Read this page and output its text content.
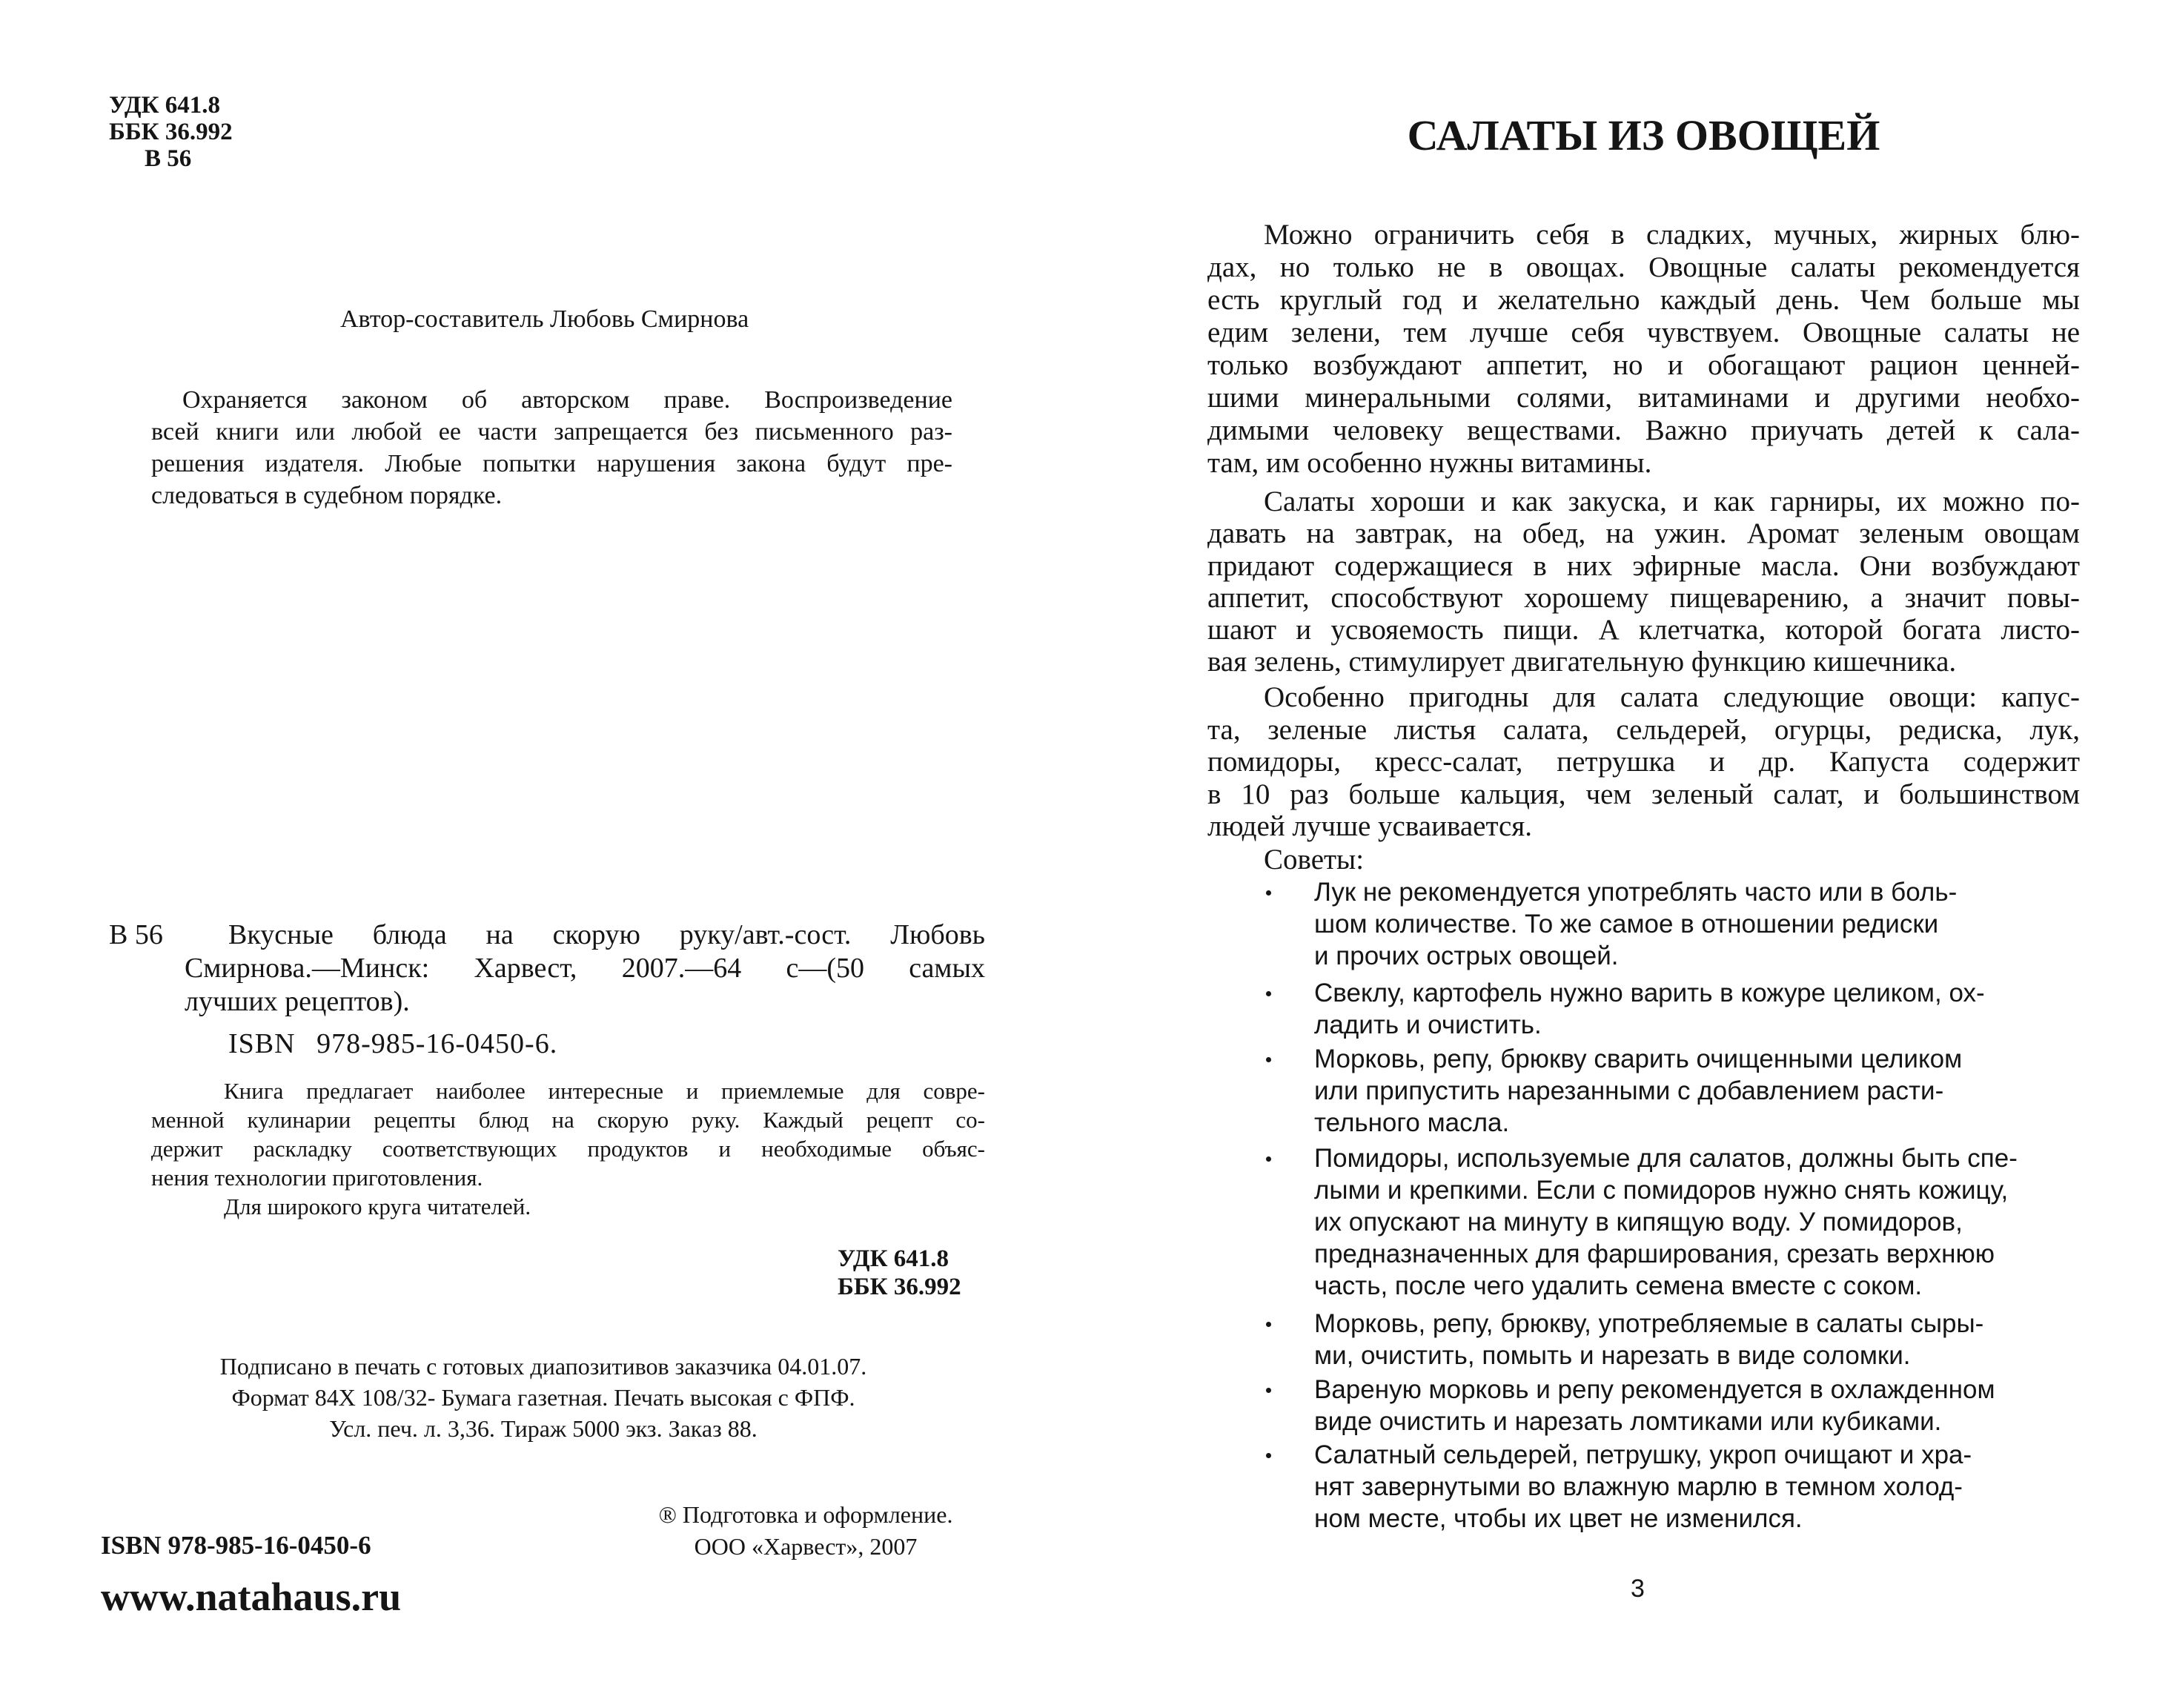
УДК 641.8
ББК 36.992
В 56
Автор-составитель Любовь Смирнова
Охраняется законом об авторском праве. Воспроизведение
всей книги или любой ее части запрещается без письменного раз-
решения издателя. Любые попытки нарушения закона будут пре-
следоваться в судебном порядке.
В 56	Вкусные блюда на скорую руку/авт.-сост. Любовь
Смирнова.—Минск: Харвест, 2007.—64 с—(50 самых
лучших рецептов).
ISBN 978-985-16-0450-6.
Книга предлагает наиболее интересные и приемлемые для совре-
менной кулинарии рецепты блюд на скорую руку. Каждый рецепт со-
держит раскладку соответствующих продуктов и необходимые объяс-
нения технологии приготовления.
Для широкого круга читателей.
УДК 641.8
ББК 36.992
Подписано в печать с готовых диапозитивов заказчика 04.01.07.
Формат 84Х 108/32- Бумага газетная. Печать высокая с ФПФ.
Усл. печ. л. 3,36. Тираж 5000 экз. Заказ 88.
® Подготовка и оформление.
ООО «Харвест», 2007
ISBN 978-985-16-0450-6
www.natahaus.ru
САЛАТЫ ИЗ ОВОЩЕЙ
Можно ограничить себя в сладких, мучных, жирных блю-
дах, но только не в овощах. Овощные салаты рекомендуется
есть круглый год и желательно каждый день. Чем больше мы
едим зелени, тем лучше себя чувствуем. Овощные салаты не
только возбуждают аппетит, но и обогащают рацион ценней-
шими минеральными солями, витаминами и другими необхо-
димыми человеку веществами. Важно приучать детей к сала-
там, им особенно нужны витамины.
Салаты хороши и как закуска, и как гарниры, их можно по-
давать на завтрак, на обед, на ужин. Аромат зеленым овощам
придают содержащиеся в них эфирные масла. Они возбуждают
аппетит, способствуют хорошему пищеварению, а значит повы-
шают и усвояемость пищи. А клетчатка, которой богата листо-
вая зелень, стимулирует двигательную функцию кишечника.
Особенно пригодны для салата следующие овощи: капус-
та, зеленые листья салата, сельдерей, огурцы, редиска, лук,
помидоры, кресс-салат, петрушка и др. Капуста содержит
в 10 раз больше кальция, чем зеленый салат, и большинством
людей лучше усваивается.
Советы:
Лук не рекомендуется употреблять часто или в боль-
шом количестве. То же самое в отношении редиски
и прочих острых овощей.
Свеклу, картофель нужно варить в кожуре целиком, ох-
ладить и очистить.
Морковь, репу, брюкву сварить очищенными целиком
или припустить нарезанными с добавлением расти-
тельного масла.
Помидоры, используемые для салатов, должны быть спе-
лыми и крепкими. Если с помидоров нужно снять кожицу,
их опускают на минуту в кипящую воду. У помидоров,
предназначенных для фарширования, срезать верхнюю
часть, после чего удалить семена вместе с соком.
Морковь, репу, брюкву, употребляемые в салаты сыры-
ми, очистить, помыть и нарезать в виде соломки.
Вареную морковь и репу рекомендуется в охлажденном
виде очистить и нарезать ломтиками или кубиками.
Салатный сельдерей, петрушку, укроп очищают и хра-
нят завернутыми во влажную марлю в темном холод-
ном месте, чтобы их цвет не изменился.
3
